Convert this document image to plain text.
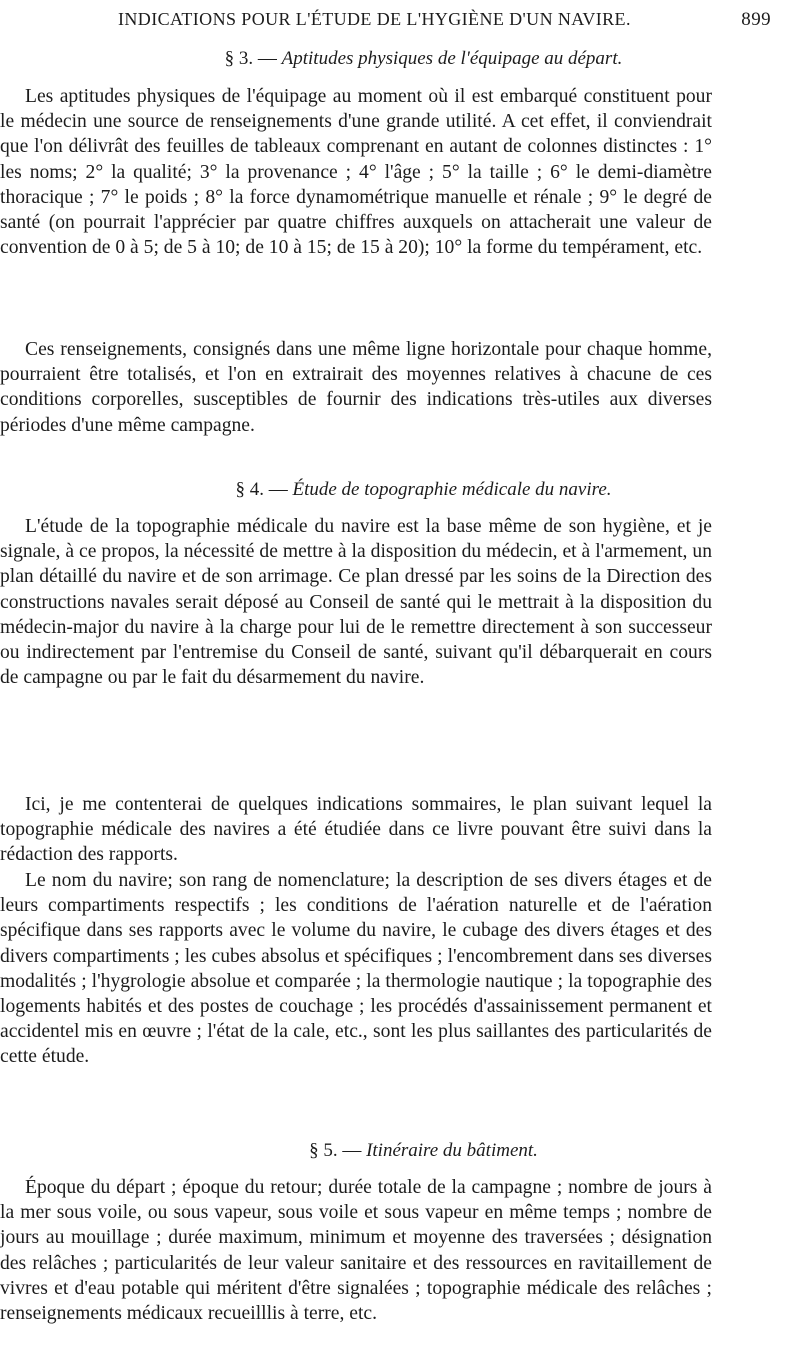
INDICATIONS POUR L'ÉTUDE DE L'HYGIÈNE D'UN NAVIRE.	899
§ 3. — Aptitudes physiques de l'équipage au départ.

Les aptitudes physiques de l'équipage au moment où il est embarqué constituent pour le médecin une source de renseignements d'une grande utilité. A cet effet, il conviendrait que l'on délivrât des feuilles de tableaux comprenant en autant de colonnes distinctes : 1° les noms; 2° la qualité; 3° la provenance ; 4° l'âge ; 5° la taille ; 6° le demi-diamètre thoracique ; 7° le poids ; 8° la force dynamométrique manuelle et rénale ; 9° le degré de santé (on pourrait l'apprécier par quatre chiffres auxquels on attacherait une valeur de convention de 0 à 5; de 5 à 10; de 10 à 15; de 15 à 20); 10° la forme du tempérament, etc.

Ces renseignements, consignés dans une même ligne horizontale pour chaque homme, pourraient être totalisés, et l'on en extrairait des moyennes relatives à chacune de ces conditions corporelles, susceptibles de fournir des indications très-utiles aux diverses périodes d'une même campagne.

§ 4. — Étude de topographie médicale du navire.

L'étude de la topographie médicale du navire est la base même de son hygiène, et je signale, à ce propos, la nécessité de mettre à la disposition du médecin, et à l'armement, un plan détaillé du navire et de son arrimage. Ce plan dressé par les soins de la Direction des constructions navales serait déposé au Conseil de santé qui le mettrait à la disposition du médecin-major du navire à la charge pour lui de le remettre directement à son successeur ou indirectement par l'entremise du Conseil de santé, suivant qu'il débarquerait en cours de campagne ou par le fait du désarmement du navire.

Ici, je me contenterai de quelques indications sommaires, le plan suivant lequel la topographie médicale des navires a été étudiée dans ce livre pouvant être suivi dans la rédaction des rapports.

Le nom du navire; son rang de nomenclature; la description de ses divers étages et de leurs compartiments respectifs ; les conditions de l'aération naturelle et de l'aération spécifique dans ses rapports avec le volume du navire, le cubage des divers étages et des divers compartiments ; les cubes absolus et spécifiques ; l'encombrement dans ses diverses modalités ; l'hygrologie absolue et comparée ; la thermologie nautique ; la topographie des logements habités et des postes de couchage ; les procédés d'assainissement permanent et accidentel mis en œuvre ; l'état de la cale, etc., sont les plus saillantes des particularités de cette étude.

§ 5. — Itinéraire du bâtiment.

Époque du départ ; époque du retour; durée totale de la campagne ; nombre de jours à la mer sous voile, ou sous vapeur, sous voile et sous vapeur en même temps ; nombre de jours au mouillage ; durée maximum, minimum et moyenne des traversées ; désignation des relâches ; particularités de leur valeur sanitaire et des ressources en ravitaillement de vivres et d'eau potable qui méritent d'être signalées ; topographie médicale des relâches ; renseignements médicaux recueilllis à terre, etc.
